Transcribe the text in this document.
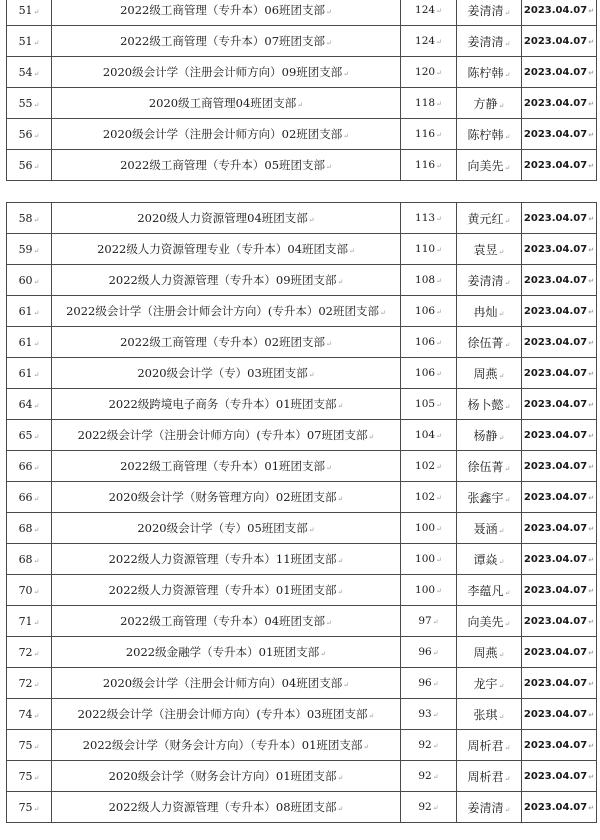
51 ↵	2022级工商管理（专升本）06班团支部 ↵	124 ↵	姜清清 ↵	2023.04.07 ↵
51 ↵	2022级工商管理（专升本）07班团支部 ↵	124 ↵	姜清清 ↵	2023.04.07 ↵
54 ↵	2020级会计学（注册会计师方向）09班团支部 ↵	120 ↵	陈柠韩 ↵	2023.04.07 ↵
55 ↵	2020级工商管理04班团支部 ↵	118 ↵	方静 ↵	2023.04.07 ↵
56 ↵	2020级会计学（注册会计师方向）02班团支部 ↵	116 ↵	陈柠韩 ↵	2023.04.07 ↵
56 ↵	2022级工商管理（专升本）05班团支部 ↵	116 ↵	向美先 ↵	2023.04.07 ↵
58 ↵	2020级人力资源管理04班团支部 ↵	113 ↵	黄元红 ↵	2023.04.07 ↵
59 ↵	2022级人力资源管理专业（专升本）04班团支部 ↵	110 ↵	袁昱 ↵	2023.04.07 ↵
60 ↵	2022级人力资源管理（专升本）09班团支部 ↵	108 ↵	姜清清 ↵	2023.04.07 ↵
61 ↵	2022级会计学（注册会计师会计方向）(专升本）02班团支部 ↵	106 ↵	冉灿 ↵	2023.04.07 ↵
61 ↵	2022级工商管理（专升本）02班团支部 ↵	106 ↵	徐伍菁 ↵	2023.04.07 ↵
61 ↵	2020级会计学（专）03班团支部 ↵	106 ↵	周燕 ↵	2023.04.07 ↵
64 ↵	2022级跨境电子商务（专升本）01班团支部 ↵	105 ↵	杨卜懿 ↵	2023.04.07 ↵
65 ↵	2022级会计学（注册会计师方向）(专升本）07班团支部 ↵	104 ↵	杨静 ↵	2023.04.07 ↵
66 ↵	2022级工商管理（专升本）01班团支部 ↵	102 ↵	徐伍菁 ↵	2023.04.07 ↵
66 ↵	2020级会计学（财务管理方向）02班团支部 ↵	102 ↵	张鑫宇 ↵	2023.04.07 ↵
68 ↵	2020级会计学（专）05班团支部 ↵	100 ↵	聂涵 ↵	2023.04.07 ↵
68 ↵	2022级人力资源管理（专升本）11班团支部 ↵	100 ↵	谭焱 ↵	2023.04.07 ↵
70 ↵	2022级人力资源管理（专升本）01班团支部 ↵	100 ↵	李蕴凡 ↵	2023.04.07 ↵
71 ↵	2022级工商管理（专升本）04班团支部 ↵	97 ↵	向美先 ↵	2023.04.07 ↵
72 ↵	2022级金融学（专升本）01班团支部 ↵	96 ↵	周燕 ↵	2023.04.07 ↵
72 ↵	2020级会计学（注册会计师方向）04班团支部 ↵	96 ↵	龙宇 ↵	2023.04.07 ↵
74 ↵	2022级会计学（注册会计师方向）(专升本）03班团支部 ↵	93 ↵	张琪 ↵	2023.04.07 ↵
75 ↵	2022级会计学（财务会计方向）（专升本）01班团支部 ↵	92 ↵	周析君 ↵	2023.04.07 ↵
75 ↵	2020级会计学（财务会计方向）01班团支部 ↵	92 ↵	周析君 ↵	2023.04.07 ↵
75 ↵	2022级人力资源管理（专升本）08班团支部 ↵	92 ↵	姜清清 ↵	2023.04.07 ↵
